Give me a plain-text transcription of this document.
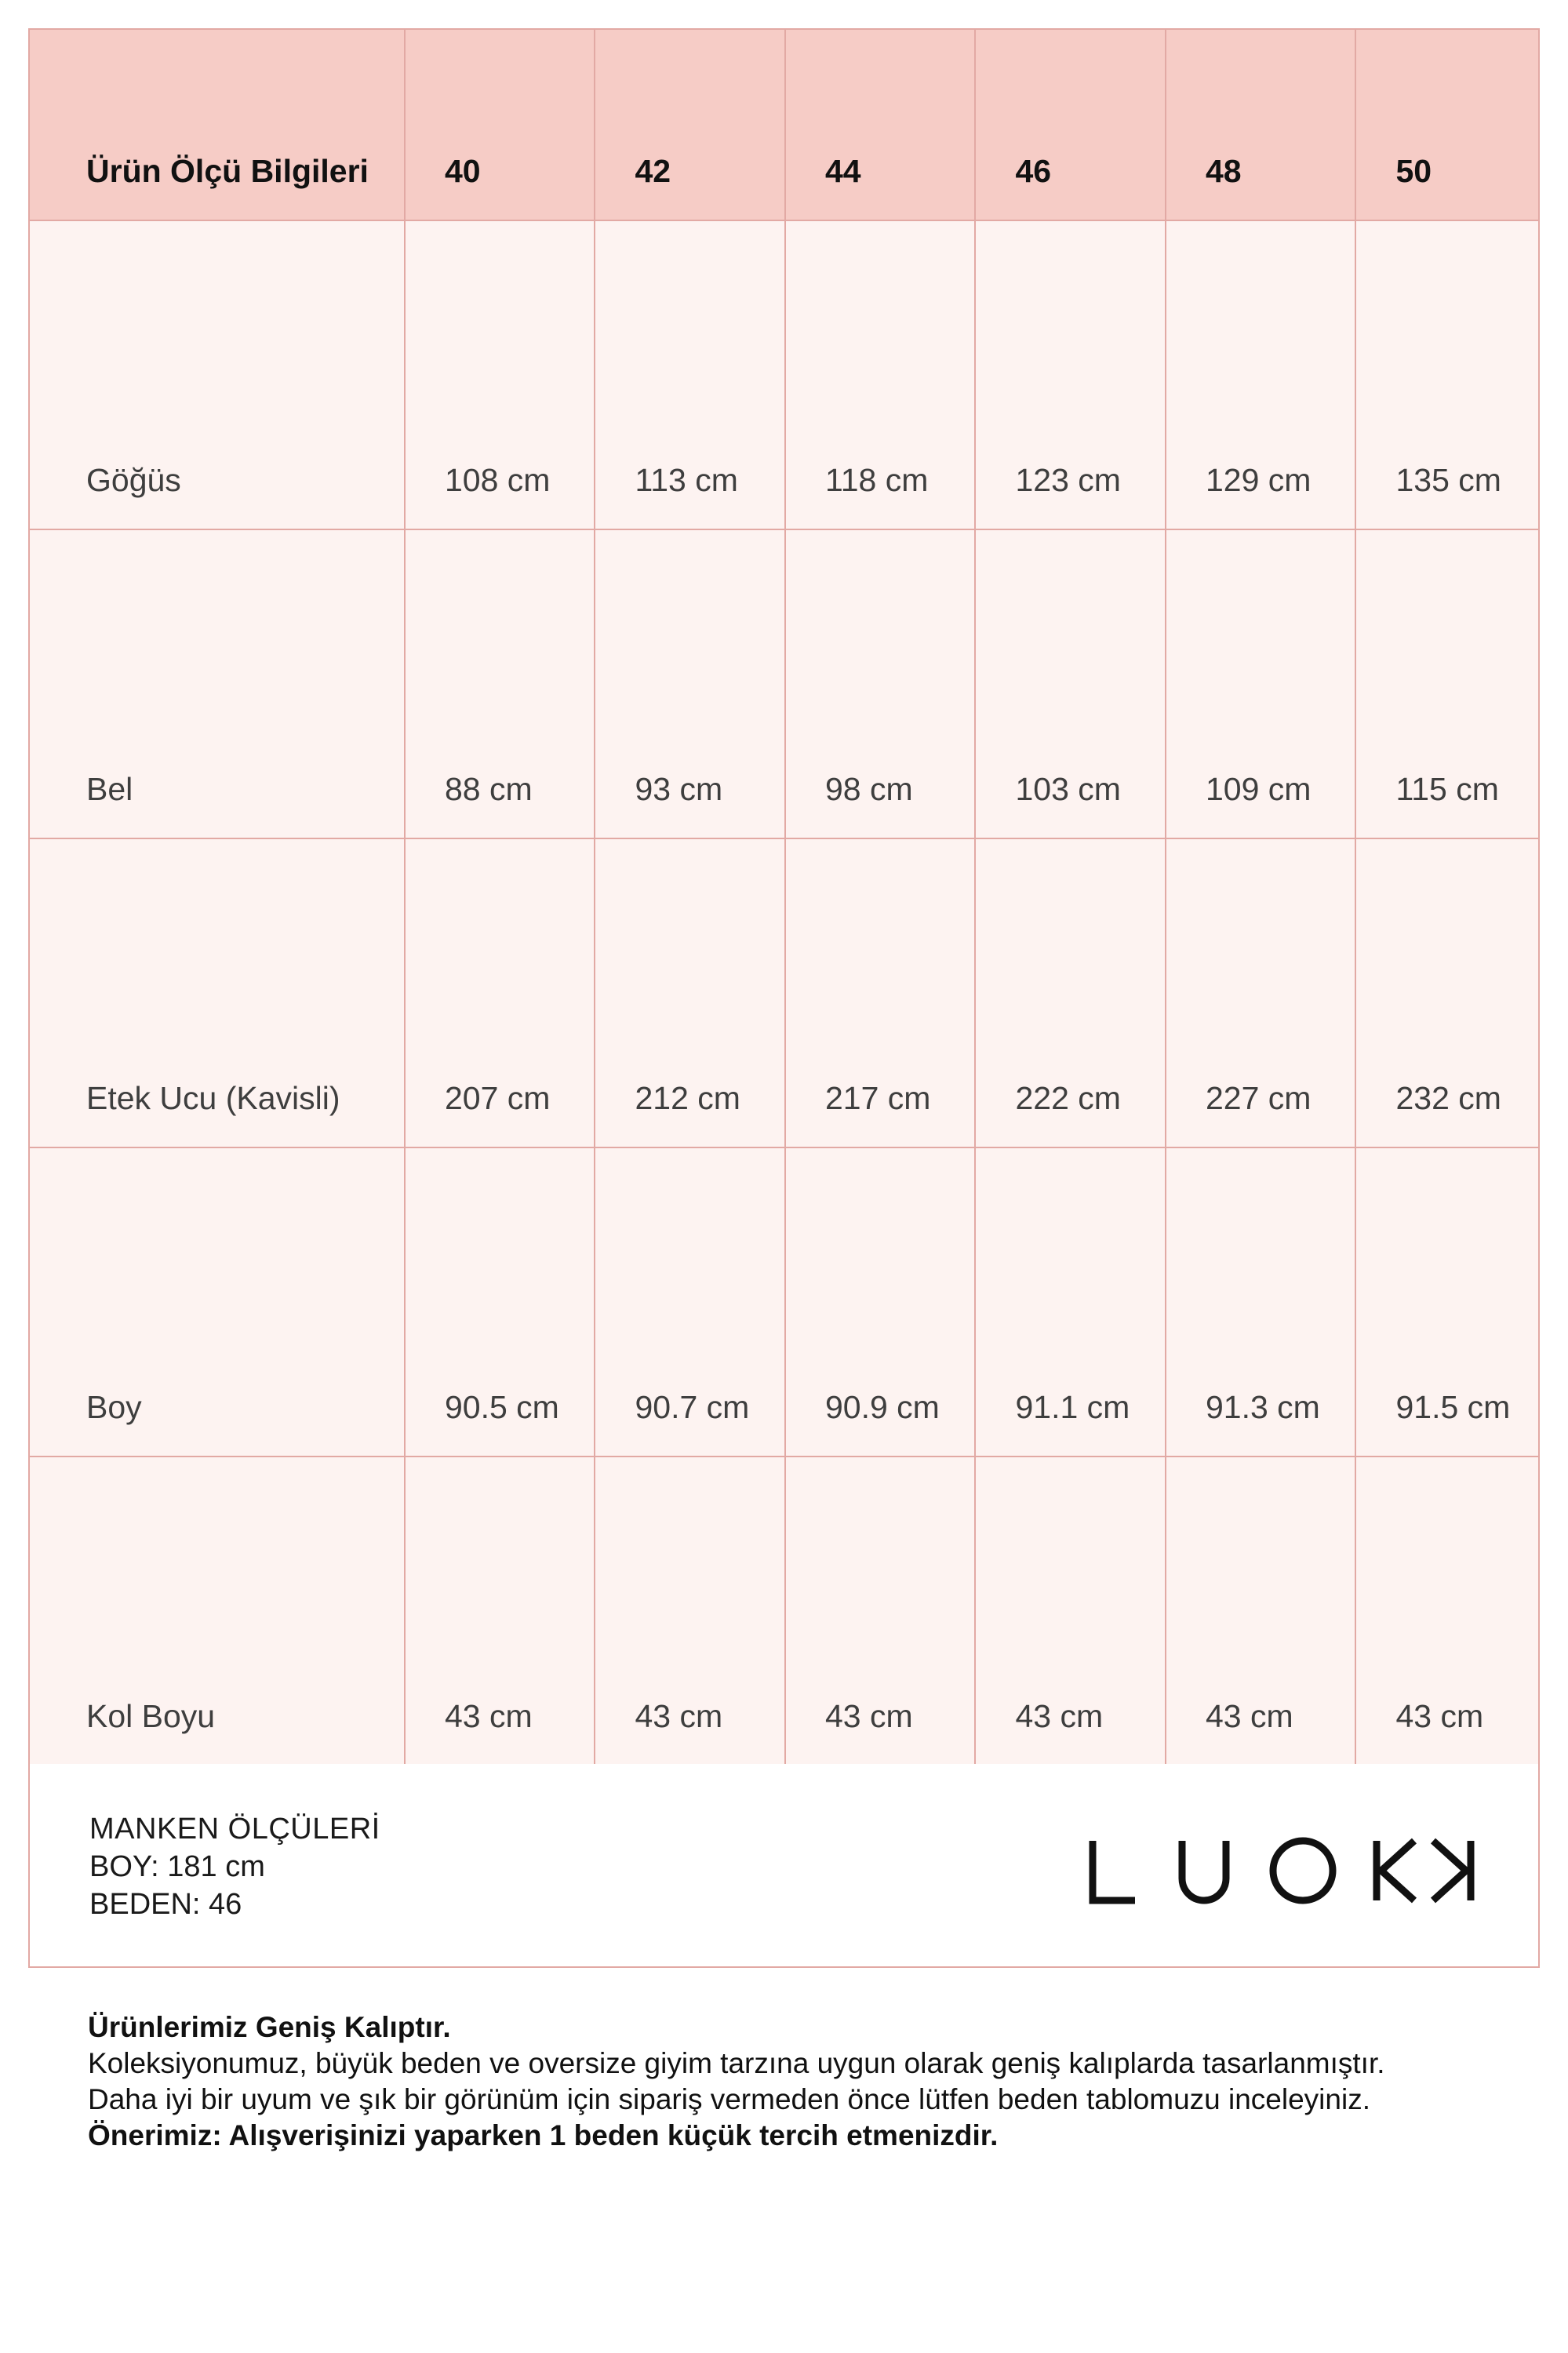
Ürün Ölçü Bilgileri	40	42	44	46	48	50
Göğüs	108 cm	113 cm	118 cm	123 cm	129 cm	135 cm
Bel	88 cm	93 cm	98 cm	103 cm	109 cm	115 cm
Etek Ucu (Kavisli)	207 cm	212 cm	217 cm	222 cm	227 cm	232 cm
Boy	90.5 cm	90.7 cm	90.9 cm	91.1 cm	91.3 cm	91.5 cm
Kol Boyu	43 cm	43 cm	43 cm	43 cm	43 cm	43 cm
MANKEN ÖLÇÜLERİ
BOY: 181 cm
BEDEN: 46
Ürünlerimiz Geniş Kalıptır.
Koleksiyonumuz, büyük beden ve oversize giyim tarzına uygun olarak geniş kalıplarda tasarlanmıştır.
Daha iyi bir uyum ve şık bir görünüm için sipariş vermeden önce lütfen beden tablomuzu inceleyiniz.
Önerimiz: Alışverişinizi yaparken 1 beden küçük tercih etmenizdir.
